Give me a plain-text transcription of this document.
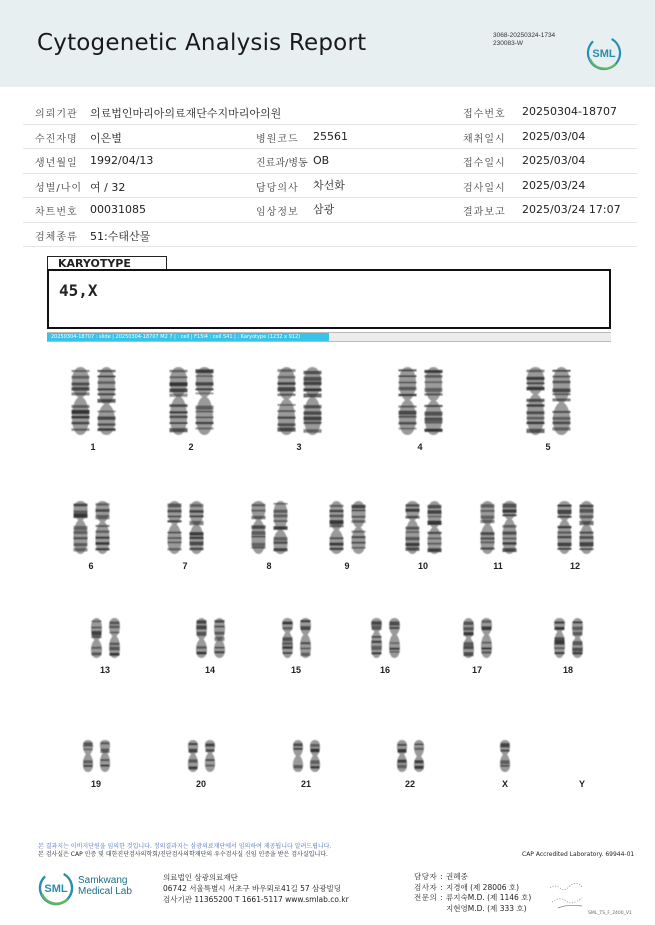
Cytogenetic Analysis Report	3068-20250324-1734
230083-W
SML
의뢰기관 의료법인마리아의료재단수지마리아의원	접수번호 20250304-18707
수진자명 이은별	병원코드 25561	채취일시 2025/03/04
생년월일 1992/04/13	진료과/병동 OB	접수일시 2025/03/04
성별/나이 여 / 32	담당의사 차선화	검사일시 2025/03/24
차트번호 00031085	임상정보 삼광	결과보고 2025/03/24 17:07
검체종류 51:수태산물
KARYOTYPE
45,X
20250304-18707 : slide | 20250304-18707 M2 7 | : cell | F15i4 : cell 541 | : Karyotype (1232 x 912)
1	2	3	4	5
6	7	8	9	10	11	12
13	14	15	16	17	18
19	20	21	22	X	Y
본 결과지는 이비지단원을 임의한 것입니다. 정의결과지는 삼광의료재단에서 임의하여 제공됩니다 알려드립니다.
본 검사실은 CAP 인증 및 대한진단검사의학회/진단검사의학재단의 우수검사실 신임 인증을 받은 검사실입니다.	CAP Accredited Laboratory. 69944-01
SML
Samkwang
Medical Lab
의료법인 삼광의료재단
06742 서울특별시 서초구 바우뫼로41길 57 삼광빌딩
검사기관 11365200 T 1661-5117 www.smlab.co.kr
담당자 : 권혜중
검사자 : 지경애 (제 28006 호)
전문의 : 류지숙M.D. (제 1146 호)
지현영M.D. (제 333 호)
SML_TS_F_2400_V1
